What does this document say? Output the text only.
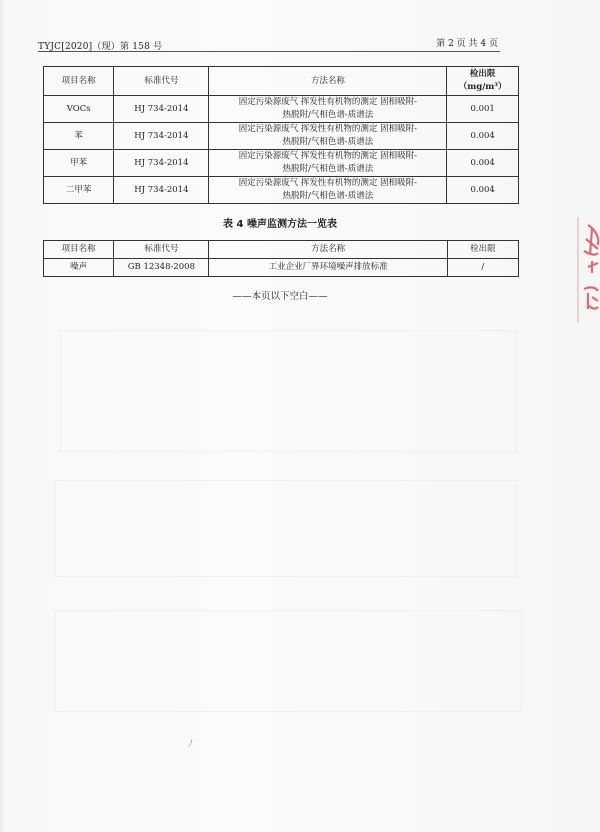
TYJC[2020]（现）第 158 号	第 2 页 共 4 页
项目名称	标准代号	方法名称	检出限
（mg/m³）

VOCs	HJ 734-2014	固定污染源废气 挥发性有机物的测定 固相吸附-
热脱附/气相色谱-质谱法	0.001
苯	HJ 734-2014	固定污染源废气 挥发性有机物的测定 固相吸附-
热脱附/气相色谱-质谱法	0.004
甲苯	HJ 734-2014	固定污染源废气 挥发性有机物的测定 固相吸附-
热脱附/气相色谱-质谱法	0.004
二甲苯	HJ 734-2014	固定污染源废气 挥发性有机物的测定 固相吸附-
热脱附/气相色谱-质谱法	0.004
表 4 噪声监测方法一览表
项目名称	标准代号	方法名称	检出限
噪声	GB 12348-2008	工业企业厂界环境噪声排放标准	/
——本页以下空白——
ﾉ
